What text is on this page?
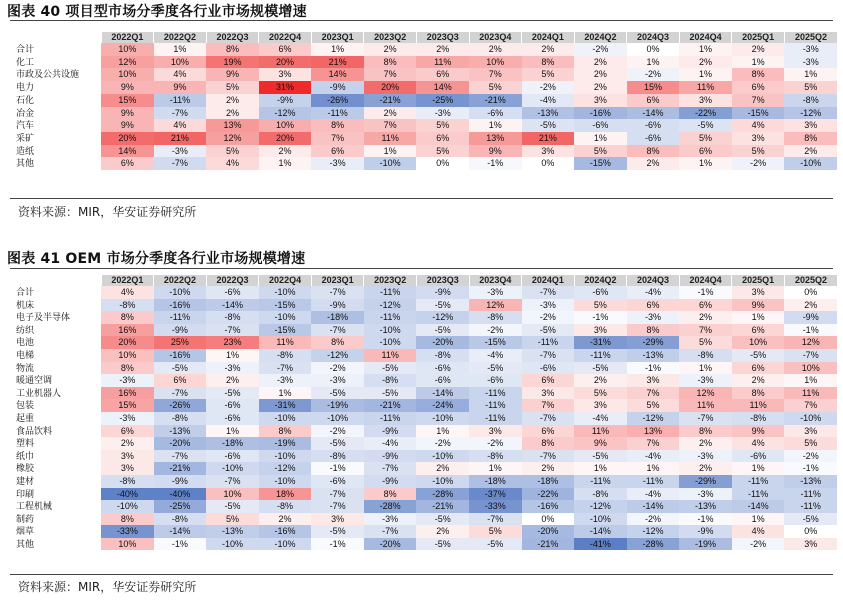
图表 40 项目型市场分季度各行业市场规模增速
	2022Q1	2022Q2	2022Q3	2022Q4	2023Q1	2023Q2	2023Q3	2023Q4	2024Q1	2024Q2	2024Q3	2024Q4	2025Q1	2025Q2
合计	10%	1%	8%	6%	1%	2%	2%	2%	2%	-2%	0%	1%	2%	-3%
化工	12%	10%	19%	20%	21%	8%	11%	10%	8%	2%	1%	2%	1%	-3%
市政及公共设施	10%	4%	9%	3%	14%	7%	6%	7%	5%	2%	-2%	1%	8%	1%
电力	9%	9%	5%	31%	-9%	20%	14%	5%	-2%	2%	15%	11%	6%	5%
石化	15%	-11%	2%	-9%	-26%	-21%	-25%	-21%	-4%	3%	6%	3%	7%	-8%
冶金	9%	-7%	2%	-12%	-11%	2%	-3%	-6%	-13%	-16%	-14%	-22%	-15%	-12%
汽车	9%	4%	13%	10%	8%	7%	5%	1%	-5%	-6%	-6%	-5%	4%	3%
采矿	20%	21%	12%	20%	7%	11%	6%	13%	21%	1%	-6%	5%	3%	8%
造纸	14%	-3%	5%	2%	6%	1%	5%	9%	3%	5%	8%	6%	5%	2%
其他	6%	-7%	4%	1%	-3%	-10%	0%	-1%	0%	-15%	2%	1%	-2%	-10%
资料来源：MIR，华安证券研究所
图表 41 OEM 市场分季度各行业市场规模增速
	2022Q1	2022Q2	2022Q3	2022Q4	2023Q1	2023Q2	2023Q3	2023Q4	2024Q1	2024Q2	2024Q3	2024Q4	2025Q1	2025Q2
合计	4%	-10%	-6%	-10%	-7%	-11%	-9%	-3%	-7%	-6%	-4%	-1%	3%	0%
机床	-8%	-16%	-14%	-15%	-9%	-12%	-5%	12%	-3%	5%	6%	6%	9%	2%
电子及半导体	8%	-11%	-8%	-10%	-18%	-11%	-12%	-8%	-2%	-1%	-3%	2%	1%	-9%
纺织	16%	-9%	-7%	-15%	-7%	-10%	-5%	-2%	-5%	3%	8%	7%	6%	-1%
电池	20%	25%	23%	11%	8%	-10%	-20%	-15%	-11%	-31%	-29%	5%	10%	12%
电梯	10%	-16%	1%	-8%	-12%	11%	-8%	-4%	-7%	-11%	-13%	-8%	-5%	-7%
物流	8%	-5%	-3%	-7%	-2%	-5%	-6%	-5%	-6%	-5%	-1%	1%	6%	10%
暖通空调	-3%	6%	2%	-3%	-3%	-8%	-6%	-6%	6%	2%	3%	-3%	2%	1%
工业机器人	16%	-7%	-5%	1%	-5%	-5%	-14%	-11%	3%	5%	7%	12%	8%	11%
包装	15%	-26%	-6%	-31%	-19%	-21%	-24%	-11%	7%	3%	5%	11%	11%	7%
起重	-3%	-8%	-6%	-10%	-10%	-11%	-10%	-11%	-7%	-4%	-12%	-7%	-8%	-10%
食品饮料	6%	-13%	1%	8%	-2%	-9%	1%	3%	6%	11%	13%	8%	9%	3%
塑料	2%	-20%	-18%	-19%	-5%	-4%	-2%	-2%	8%	9%	7%	2%	4%	5%
纸巾	3%	-7%	-6%	-10%	-8%	-9%	-10%	-8%	-7%	-5%	-4%	-3%	-6%	-2%
橡胶	3%	-21%	-10%	-12%	-1%	-7%	2%	1%	2%	1%	1%	2%	1%	-1%
建材	-8%	-9%	-7%	-10%	-6%	-9%	-10%	-18%	-18%	-11%	-11%	-29%	-11%	-13%
印刷	-40%	-40%	10%	18%	-7%	8%	-28%	-37%	-22%	-8%	-4%	-3%	-11%	-11%
工程机械	-10%	-25%	-5%	-8%	-7%	-28%	-21%	-33%	-16%	-12%	-14%	-13%	-14%	-11%
制药	8%	-8%	5%	2%	3%	-3%	-5%	-7%	0%	-10%	-2%	-1%	1%	-5%
烟草	-33%	-14%	-13%	-16%	-5%	-7%	2%	5%	-20%	-14%	-12%	-9%	4%	0%
其他	10%	-1%	-10%	-10%	-1%	-20%	-5%	-5%	-21%	-41%	-28%	-19%	-2%	3%
资料来源：MIR，华安证券研究所
